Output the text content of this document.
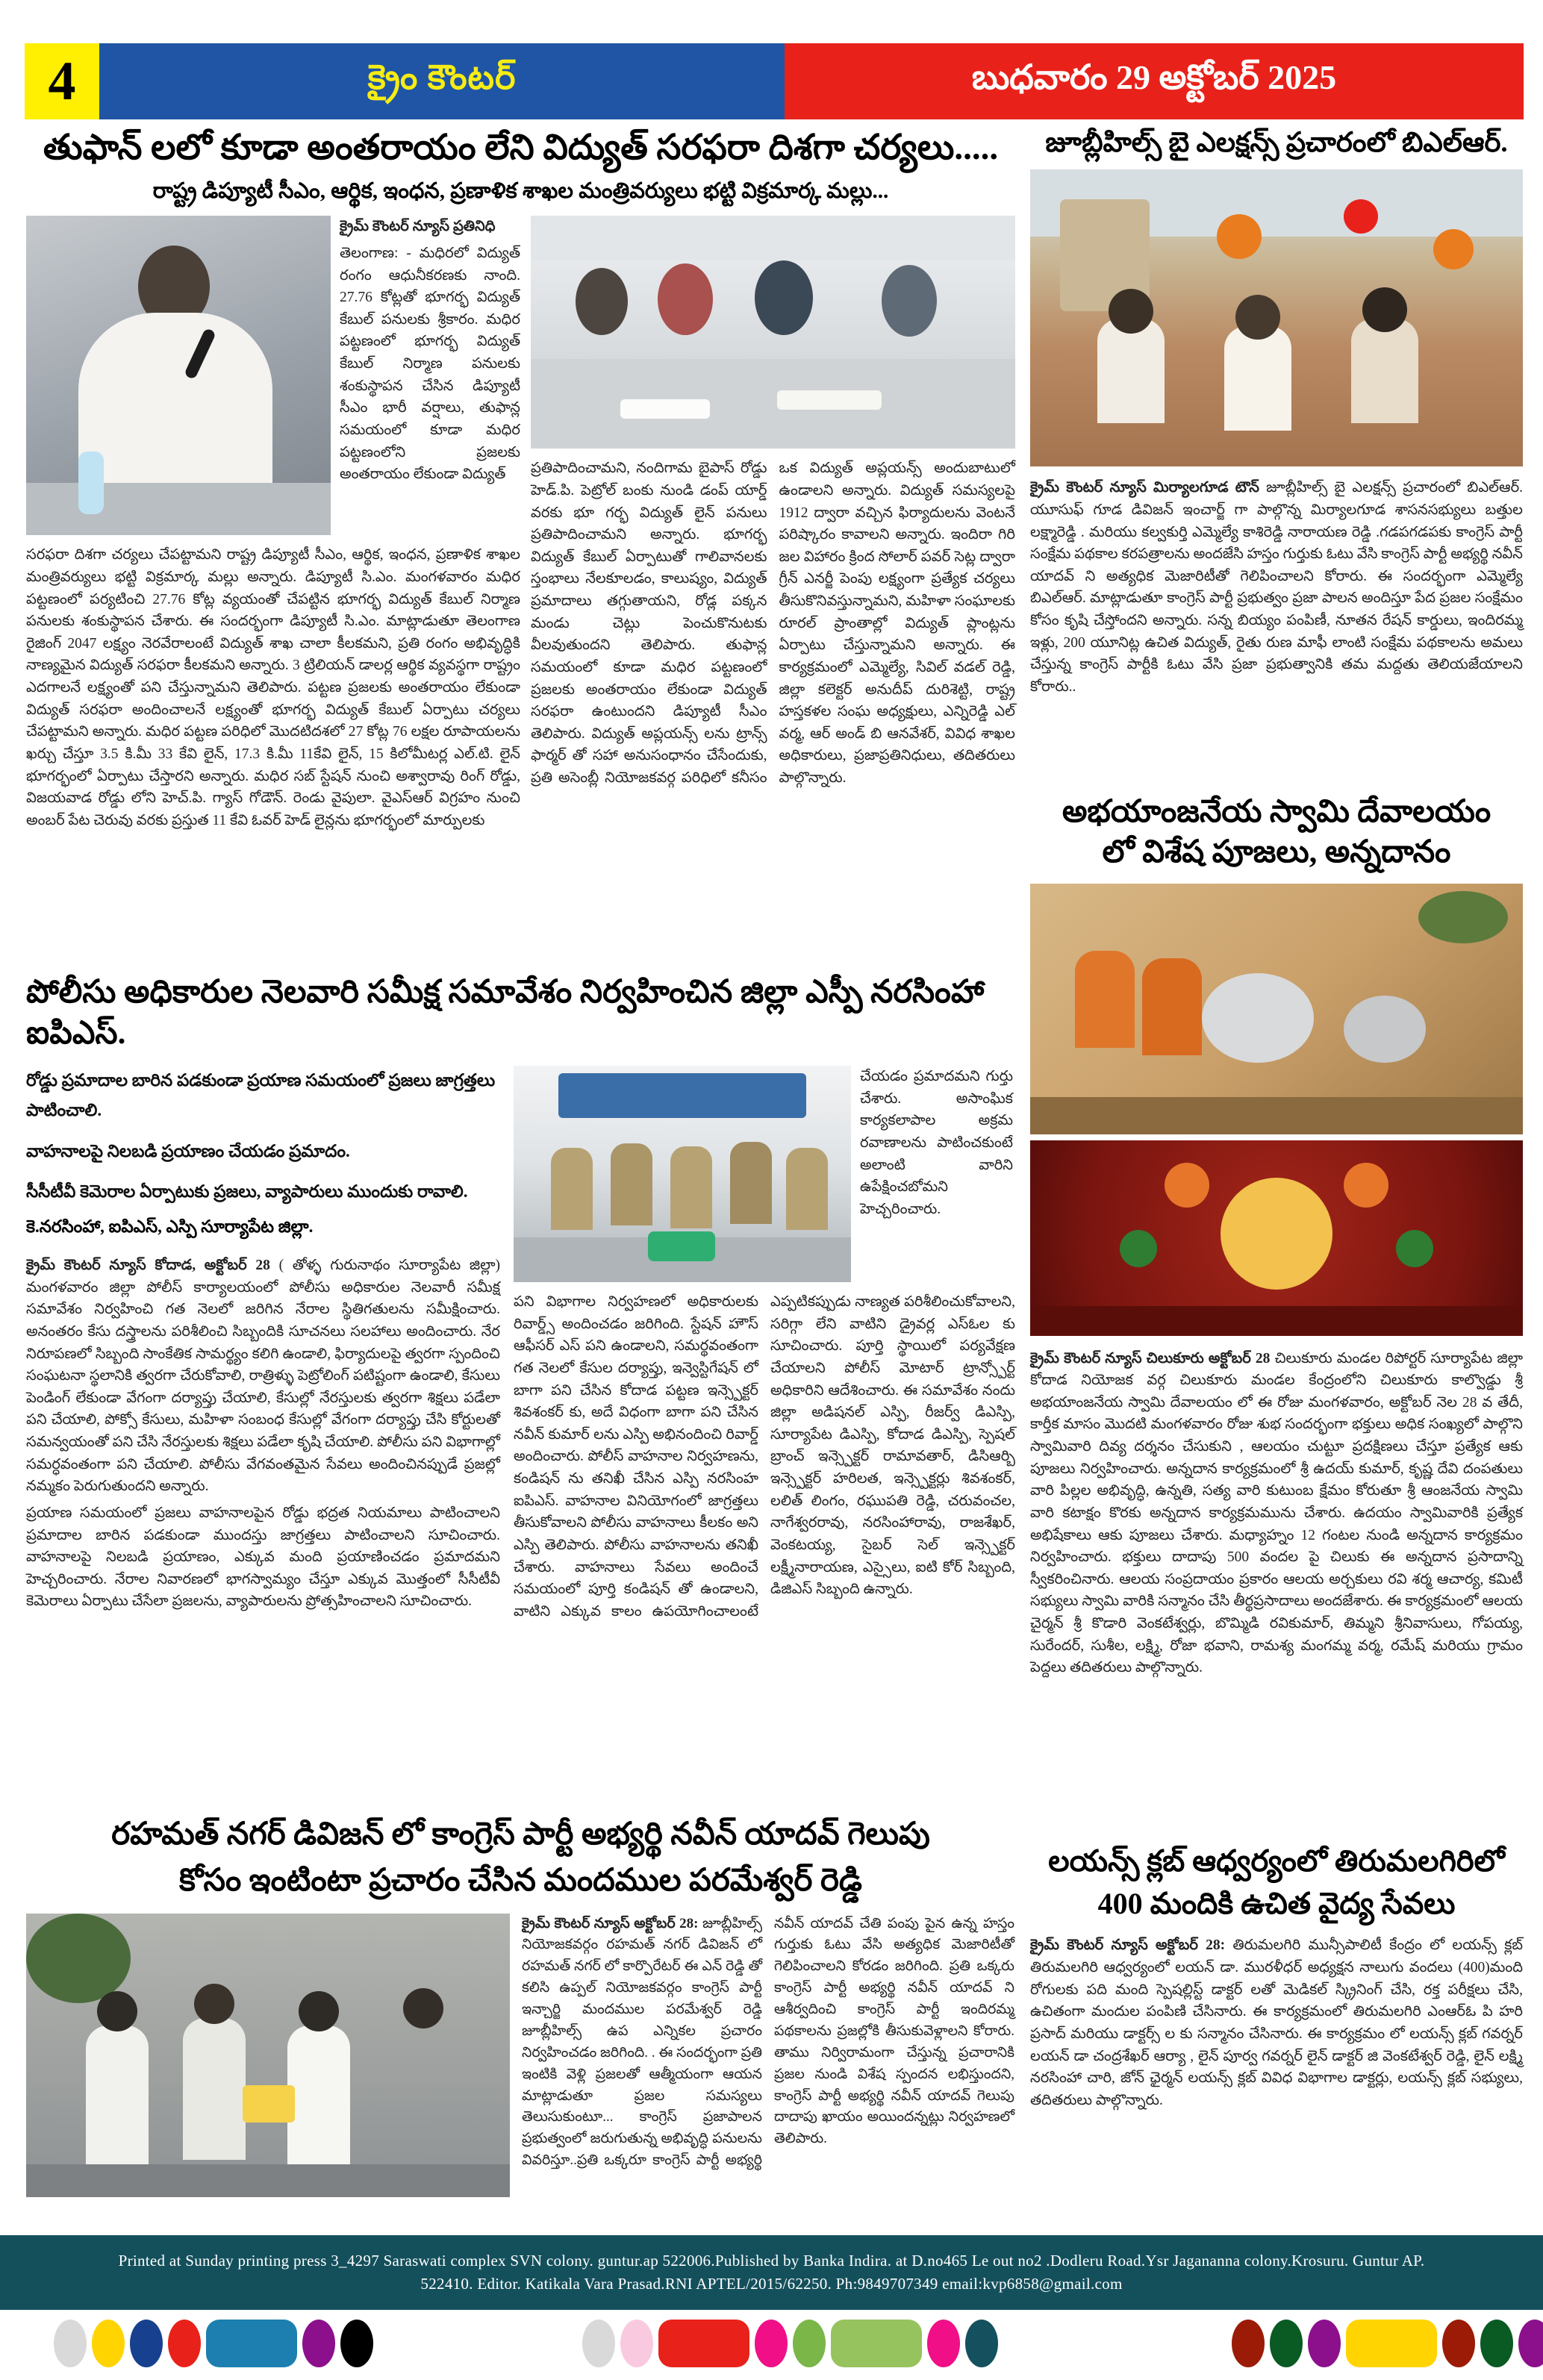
4	క్రైం కౌంటర్	బుధవారం 29 అక్టోబర్ 2025
తుఫాన్ లలో కూడా అంతరాయం లేని విద్యుత్ సరఫరా దిశగా చర్యలు.....
రాష్ట్ర డిప్యూటీ సీఎం, ఆర్థిక, ఇంధన, ప్రణాళిక శాఖల మంత్రివర్యులు భట్టి విక్రమార్క మల్లు...

క్రైమ్ కౌంటర్ న్యూస్ ప్రతినిధి

తెలంగాణ: - మధిరలో విద్యుత్ రంగం ఆధునీకరణకు నాంది. 27.76 కోట్లతో భూగర్భ విద్యుత్ కేబుల్ పనులకు శ్రీకారం. మధిర పట్టణంలో భూగర్భ విద్యుత్ కేబుల్ నిర్మాణ పనులకు శంకుస్థాపన చేసిన డిప్యూటీ సీఎం భారీ వర్షాలు, తుఫాన్ల సమయంలో కూడా మధిర పట్టణంలోని ప్రజలకు అంతరాయం లేకుండా విద్యుత్

సరఫరా దిశగా చర్యలు చేపట్టామని రాష్ట్ర డిప్యూటీ సీఎం, ఆర్థిక, ఇంధన, ప్రణాళిక శాఖల మంత్రివర్యులు భట్టి విక్రమార్క మల్లు అన్నారు. డిప్యూటీ సి.ఎం. మంగళవారం మధిర పట్టణంలో పర్యటించి 27.76 కోట్ల వ్యయంతో చేపట్టిన భూగర్భ విద్యుత్ కేబుల్ నిర్మాణ పనులకు శంకుస్థాపన చేశారు. ఈ సందర్భంగా డిప్యూటీ సి.ఎం. మాట్లాడుతూ తెలంగాణ రైజింగ్ 2047 లక్ష్యం నెరవేరాలంటే విద్యుత్ శాఖ చాలా కీలకమని, ప్రతి రంగం అభివృద్ధికి నాణ్యమైన విద్యుత్ సరఫరా కీలకమని అన్నారు. 3 ట్రిలియన్ డాలర్ల ఆర్థిక వ్యవస్థగా రాష్ట్రం ఎదగాలనే లక్ష్యంతో పని చేస్తున్నామని తెలిపారు. పట్టణ ప్రజలకు అంతరాయం లేకుండా విద్యుత్ సరఫరా అందించాలనే లక్ష్యంతో భూగర్భ విద్యుత్ కేబుల్ ఏర్పాటు చర్యలు చేపట్టామని అన్నారు. మధిర పట్టణ పరిధిలో మొదటిదశలో 27 కోట్ల 76 లక్షల రూపాయలను ఖర్చు చేస్తూ 3.5 కి.మీ 33 కేవి లైన్, 17.3 కి.మీ 11కేవి లైన్, 15 కిలోమీటర్ల ఎల్.టి. లైన్ భూగర్భంలో ఏర్పాటు చేస్తారని అన్నారు. మధిర సబ్ స్టేషన్ నుంచి అశ్వారావు రింగ్ రోడ్డు, విజయవాడ రోడ్డు లోని హెచ్.పి. గ్యాస్ గోడౌన్. రెండు వైపులా. వైఎస్ఆర్ విగ్రహం నుంచి అంబర్ పేట చెరువు వరకు ప్రస్తుత 11 కేవి ఓవర్ హెడ్ లైన్లను భూగర్భంలో మార్పులకు

ప్రతిపాదించామని, నందిగామ బైపాస్ రోడ్డు హెడ్.పి. పెట్రోల్ బంకు నుండి డంప్ యార్డ్ వరకు భూ గర్భ విద్యుత్ లైన్ పనులు ప్రతిపాదించామని అన్నారు. భూగర్భ విద్యుత్ కేబుల్ ఏర్పాటుతో గాలివానలకు స్తంభాలు నేలకూలడం, కాలుష్యం, విద్యుత్ ప్రమాదాలు తగ్గుతాయని, రోడ్ల పక్కన మండు చెట్లు పెంచుకొనుటకు వీలవుతుందని తెలిపారు. తుఫాన్ల సమయంలో కూడా మధిర పట్టణంలో ప్రజలకు అంతరాయం లేకుండా విద్యుత్ సరఫరా ఉంటుందని డిప్యూటీ సీఎం తెలిపారు. విద్యుత్ అప్లయన్స్ లను ట్రాన్స్ ఫార్మర్ తో సహా అనుసంధానం చేసేందుకు, ప్రతి అసెంబ్లీ నియోజకవర్గ పరిధిలో కనీసం ఒక విద్యుత్ అప్లయన్స్ అందుబాటులో ఉండాలని అన్నారు. విద్యుత్ సమస్యలపై 1912 ద్వారా వచ్చిన ఫిర్యాదులను వెంటనే పరిష్కారం కావాలని అన్నారు. ఇందిరా గిరి జల విహారం క్రింద సోలార్ పవర్ సెట్ల ద్వారా గ్రీన్ ఎనర్జీ పెంపు లక్ష్యంగా ప్రత్యేక చర్యలు తీసుకొనివస్తున్నామని, మహిళా సంఘాలకు రూరల్ ప్రాంతాల్లో విద్యుత్ ప్లాంట్లను ఏర్పాటు చేస్తున్నామని అన్నారు. ఈ కార్యక్రమంలో ఎమ్మెల్యే, సివిల్ వడల్ రెడ్డి, జిల్లా కలెక్టర్ అనుదీప్ దురిశెట్టి, రాష్ట్ర హస్తకళల సంఘ అధ్యక్షులు, ఎన్నిరెడ్డి ఎల్ వర్మ, ఆర్ అండ్ బి ఆనవేశర్, వివిధ శాఖల అధికారులు, ప్రజాప్రతినిధులు, తదితరులు పాల్గొన్నారు.

జూబ్లీహిల్స్ బై ఎలక్షన్స్ ప్రచారంలో బిఎల్ఆర్.

క్రైమ్ కౌంటర్ న్యూస్ మిర్యాలగూడ టౌన్ జూబ్లీహిల్స్ బై ఎలక్షన్స్ ప్రచారంలో బిఎల్ఆర్. యూసుఫ్ గూడ డివిజన్ ఇంచార్జ్ గా పాల్గొన్న మిర్యాలగూడ శాసనసభ్యులు బత్తుల లక్ష్మారెడ్డి . మరియు కల్వకుర్తి ఎమ్మెల్యే కాశిరెడ్డి నారాయణ రెడ్డి .గడపగడపకు కాంగ్రెస్ పార్టీ సంక్షేమ పథకాల కరపత్రాలను అందజేసి హస్తం గుర్తుకు ఓటు వేసి కాంగ్రెస్ పార్టీ అభ్యర్థి నవీన్ యాదవ్ ని అత్యధిక మెజారిటీతో గెలిపించాలని కోరారు. ఈ సందర్భంగా ఎమ్మెల్యే బిఎల్ఆర్. మాట్లాడుతూ కాంగ్రెస్ పార్టీ ప్రభుత్వం ప్రజా పాలన అందిస్తూ పేద ప్రజల సంక్షేమం కోసం కృషి చేస్తోందని అన్నారు. సన్న బియ్యం పంపిణీ, నూతన రేషన్ కార్డులు, ఇందిరమ్మ ఇళ్లు, 200 యూనిట్ల ఉచిత విద్యుత్, రైతు రుణ మాఫీ లాంటి సంక్షేమ పథకాలను అమలు చేస్తున్న కాంగ్రెస్ పార్టీకి ఓటు వేసి ప్రజా ప్రభుత్వానికి తమ మద్దతు తెలియజేయాలని కోరారు..

అభయాంజనేయ స్వామి దేవాలయం
లో విశేష పూజలు, అన్నదానం

క్రైమ్ కౌంటర్ న్యూస్ చిలుకూరు అక్టోబర్ 28 చిలుకూరు మండల రిపోర్టర్ సూర్యాపేట జిల్లా కోదాడ నియోజక వర్గ చిలుకూరు మండల కేంద్రంలోని చిలుకూరు కాల్వొడ్డు శ్రీ అభయాంజనేయ స్వామి దేవాలయం లో ఈ రోజు మంగళవారం, అక్టోబర్ నెల 28 వ తేదీ, కార్తీక మాసం మొదటి మంగళవారం రోజు శుభ సందర్భంగా భక్తులు అధిక సంఖ్యలో పాల్గొని స్వామివారి దివ్య దర్శనం చేసుకుని , ఆలయం చుట్టూ ప్రదక్షిణలు చేస్తూ ప్రత్యేక ఆకు పూజలు నిర్వహించారు. అన్నదాన కార్యక్రమంలో శ్రీ ఉదయ్ కుమార్, కృష్ణ దేవి దంపతులు వారి పిల్లల అభివృద్ధి, ఉన్నతి, సత్య వారి కుటుంబ క్షేమం కోరుతూ శ్రీ ఆంజనేయ స్వామి వారి కటాక్షం కొరకు అన్నదాన కార్యక్రమమును చేశారు. ఉదయం స్వామివారికి ప్రత్యేక అభిషేకాలు ఆకు పూజలు చేశారు. మధ్యాహ్నం 12 గంటల నుండి అన్నదాన కార్యక్రమం నిర్వహించారు. భక్తులు దాదాపు 500 వందల పై చిలుకు ఈ అన్నదాన ప్రసాదాన్ని స్వీకరించినారు. ఆలయ సంప్రదాయం ప్రకారం ఆలయ అర్చకులు రవి శర్మ ఆచార్య, కమిటీ సభ్యులు స్వామి వారికి సన్మానం చేసి తీర్థప్రసాదాలు అందజేశారు. ఈ కార్యక్రమంలో ఆలయ చైర్మన్ శ్రీ కొడారి వెంకటేశ్వర్లు, బొమ్మిడి రవికుమార్, తిమ్మని శ్రీనివాసులు, గోపయ్య, సురేందర్, సుశీల, లక్ష్మి, రోజా భవాని, రామశ్య మంగమ్మ వర్మ, రమేష్ మరియు గ్రామం పెద్దలు తదితరులు పాల్గొన్నారు.

పోలీసు అధికారుల నెలవారి సమీక్ష సమావేశం నిర్వహించిన జిల్లా ఎస్పీ నరసింహా ఐపిఎస్.

రోడ్డు ప్రమాదాల బారిన పడకుండా ప్రయాణ సమయంలో ప్రజలు జాగ్రత్తలు పాటించాలి.

వాహనాలపై నిలబడి ప్రయాణం చేయడం ప్రమాదం.

సీసీటీవీ కెమెరాల ఏర్పాటుకు ప్రజలు, వ్యాపారులు ముందుకు రావాలి.

కె.నరసింహా, ఐపిఎస్, ఎస్పి సూర్యాపేట జిల్లా.

క్రైమ్ కౌంటర్ న్యూస్ కోదాడ, అక్టోబర్ 28 ( తోళ్ళ గురునాథం సూర్యాపేట జిల్లా) మంగళవారం జిల్లా పోలీస్ కార్యాలయంలో పోలీసు అధికారుల నెలవారీ సమీక్ష సమావేశం నిర్వహించి గత నెలలో జరిగిన నేరాల స్థితిగతులను సమీక్షించారు. అనంతరం కేసు దస్త్రాలను పరిశీలించి సిబ్బందికి సూచనలు సలహాలు అందించారు. నేర నిరూపణలో సిబ్బంది సాంకేతిక సామర్థ్యం కలిగి ఉండాలి, ఫిర్యాదులపై త్వరగా స్పందించి సంఘటనా స్థలానికి త్వరగా చేరుకోవాలి, రాత్రిళ్ళు పెట్రోలింగ్ పటిష్టంగా ఉండాలి, కేసులు పెండింగ్ లేకుండా వేగంగా దర్యాప్తు చేయాలి, కేసుల్లో నేరస్తులకు త్వరగా శిక్షలు పడేలా పని చేయాలి, పోక్సో కేసులు, మహిళా సంబంధ కేసుల్లో వేగంగా దర్యాప్తు చేసి కోర్టులతో సమన్వయంతో పని చేసి నేరస్తులకు శిక్షలు పడేలా కృషి చేయాలి. పోలీసు పని విభాగాల్లో సమర్ధవంతంగా పని చేయాలి. పోలీసు వేగవంతమైన సేవలు అందించినప్పుడే ప్రజల్లో నమ్మకం పెరుగుతుందని అన్నారు.

ప్రయాణ సమయంలో ప్రజలు వాహనాలపైన రోడ్డు భద్రత నియమాలు పాటించాలని ప్రమాదాల బారిన పడకుండా ముందస్తు జాగ్రత్తలు పాటించాలని సూచించారు. వాహనాలపై నిలబడి ప్రయాణం, ఎక్కువ మంది ప్రయాణించడం ప్రమాదమని హెచ్చరించారు. నేరాల నివారణలో భాగస్వామ్యం చేస్తూ ఎక్కువ మొత్తంలో సీసీటీవీ కెమెరాలు ఏర్పాటు చేసేలా ప్రజలను, వ్యాపారులను ప్రోత్సహించాలని సూచించారు.

చేయడం ప్రమాదమని గుర్తు చేశారు. అసాంఘిక కార్యకలాపాల అక్రమ రవాణాలను పాటించకుంటే అలాంటి వారిని ఉపేక్షించబోమని హెచ్చరించారు.

పని విభాగాల నిర్వహణలో అధికారులకు రివార్డ్స్ అందించడం జరిగింది. స్టేషన్ హౌస్ ఆఫీసర్ ఎస్ పని ఉండాలని, సమర్థవంతంగా గత నెలలో కేసుల దర్యాప్తు, ఇన్వెస్టిగేషన్ లో బాగా పని చేసిన కోదాడ పట్టణ ఇన్స్పెక్టర్ శివశంకర్ కు, అదే విధంగా బాగా పని చేసిన నవీన్ కుమార్ లను ఎస్పి అభినందించి రివార్డ్ అందించారు. పోలీస్ వాహనాల నిర్వహణను, కండిషన్ ను తనిఖీ చేసిన ఎస్పి నరసింహ ఐపిఎస్. వాహనాల వినియోగంలో జాగ్రత్తలు తీసుకోవాలని పోలీసు వాహనాలు కీలకం అని ఎస్పి తెలిపారు. పోలీసు వాహనాలను తనిఖీ చేశారు. వాహనాలు సేవలు అందించే సమయంలో పూర్తి కండిషన్ తో ఉండాలని, వాటిని ఎక్కువ కాలం ఉపయోగించాలంటే ఎప్పటికప్పుడు నాణ్యత పరిశీలించుకోవాలని, సరిగ్గా లేని వాటిని డ్రైవర్ల ఎస్ఓల కు సూచించారు. పూర్తి స్థాయిలో పర్యవేక్షణ చేయాలని పోలీస్ మోటార్ ట్రాన్స్పోర్ట్ అధికారిని ఆదేశించారు. ఈ సమావేశం నందు జిల్లా అడిషనల్ ఎస్పి, రీజర్వ్ డిఎస్పి, సూర్యాపేట డిఎస్పి, కోదాడ డిఎస్పి, స్పెషల్ బ్రాంచ్ ఇన్స్పెక్టర్ రామావతార్, డిసిఆర్బి ఇన్స్పెక్టర్ హరిలత, ఇన్స్పెక్టర్లు శివశంకర్, లలిత్ లింగం, రఘుపతి రెడ్డి, చరువంచల, నాగేశ్వరరావు, నరసింహారావు, రాజశేఖర్, వెంకటయ్య, సైబర్ సెల్ ఇన్స్పెక్టర్ లక్ష్మీనారాయణ, ఎస్సైలు, ఐటి కోర్ సిబ్బంది, డిజిఎస్ సిబ్బంది ఉన్నారు.

రహమత్ నగర్ డివిజన్ లో కాంగ్రెస్ పార్టీ అభ్యర్థి నవీన్ యాదవ్ గెలుపు
కోసం ఇంటింటా ప్రచారం చేసిన మందముల పరమేశ్వర్ రెడ్డి

క్రైమ్ కౌంటర్ న్యూస్ అక్టోబర్ 28: జూబ్లీహిల్స్ నియోజకవర్గం రహమత్ నగర్ డివిజన్ లో రహమత్ నగర్ లో కార్పొరేటర్ ఈ ఎన్ రెడ్డి తో కలిసి ఉప్పల్ నియోజకవర్గం కాంగ్రెస్ పార్టీ ఇన్చార్జి మందముల పరమేశ్వర్ రెడ్డి జూబ్లీహిల్స్ ఉప ఎన్నికల ప్రచారం నిర్వహించడం జరిగింది. . ఈ సందర్భంగా ప్రతి ఇంటికి వెళ్లి ప్రజలతో ఆత్మీయంగా ఆయన మాట్లాడుతూ ప్రజల సమస్యలు తెలుసుకుంటూ... కాంగ్రెస్ ప్రజాపాలన ప్రభుత్వంలో జరుగుతున్న అభివృద్ధి పనులను వివరిస్తూ..ప్రతి ఒక్కరూ కాంగ్రెస్ పార్టీ అభ్యర్థి నవీన్ యాదవ్ చేతి పంపు పైన ఉన్న హస్తం గుర్తుకు ఓటు వేసి అత్యధిక మెజారిటీతో గెలిపించాలని కోరడం జరిగింది. ప్రతి ఒక్కరు కాంగ్రెస్ పార్టీ అభ్యర్థి నవీన్ యాదవ్ ని ఆశీర్వదించి కాంగ్రెస్ పార్టీ ఇందిరమ్మ పథకాలను ప్రజల్లోకి తీసుకువెళ్లాలని కోరారు. తాము నిర్విరామంగా చేస్తున్న ప్రచారానికి ప్రజల నుండి విశేష స్పందన లభిస్తుందని, కాంగ్రెస్ పార్టీ అభ్యర్థి నవీన్ యాదవ్ గెలుపు దాదాపు ఖాయం అయిందన్నట్లు నిర్వహణలో తెలిపారు.

లయన్స్ క్లబ్ ఆధ్వర్యంలో తిరుమలగిరిలో
400 మందికి ఉచిత వైద్య సేవలు

క్రైమ్ కౌంటర్ న్యూస్ అక్టోబర్ 28: తిరుమలగిరి మున్సీపాలిటీ కేంద్రం లో లయన్స్ క్లబ్ తిరుమలగిరి ఆధ్వర్యంలో లయన్ డా. మురళీధర్ అధ్యక్షన నాలుగు వందలు (400)మంది రోగులకు పది మంది స్పెషల్లిస్ట్ డాక్టర్ లతో మెడికల్ స్క్రినింగ్ చేసి, రక్త పరీక్షలు చేసి, ఉచితంగా మందుల పంపిణి చేసినారు. ఈ కార్యక్రమంలో తిరుమలగిరి ఎంఆర్ఓ పి హరి ప్రసాద్ మరియు డాక్టర్స్ ల కు సన్మానం చేసినారు. ఈ కార్యక్రమం లో లయన్స్ క్లబ్ గవర్నర్ లయన్ డా చంద్రశేఖర్ ఆర్యా , లైన్ పూర్వ గవర్నర్ లైన్ డాక్టర్ జి వెంకటేశ్వర్ రెడ్డి, లైన్ లక్ష్మి నరసింహా చారి, జోన్ ఛైర్మన్ లయన్స్ క్లబ్ వివిధ విభాగాల డాక్టర్లు, లయన్స్ క్లబ్ సభ్యులు, తదితరులు పాల్గొన్నారు.

Printed at Sunday printing press 3_4297 Saraswati complex SVN colony. guntur.ap 522006.Published by Banka Indira. at D.no465 Le out no2 .Dodleru Road.Ysr Jagananna colony.Krosuru. Guntur AP.
522410. Editor. Katikala Vara Prasad.RNI APTEL/2015/62250. Ph:9849707349 email:kvp6858@gmail.com
